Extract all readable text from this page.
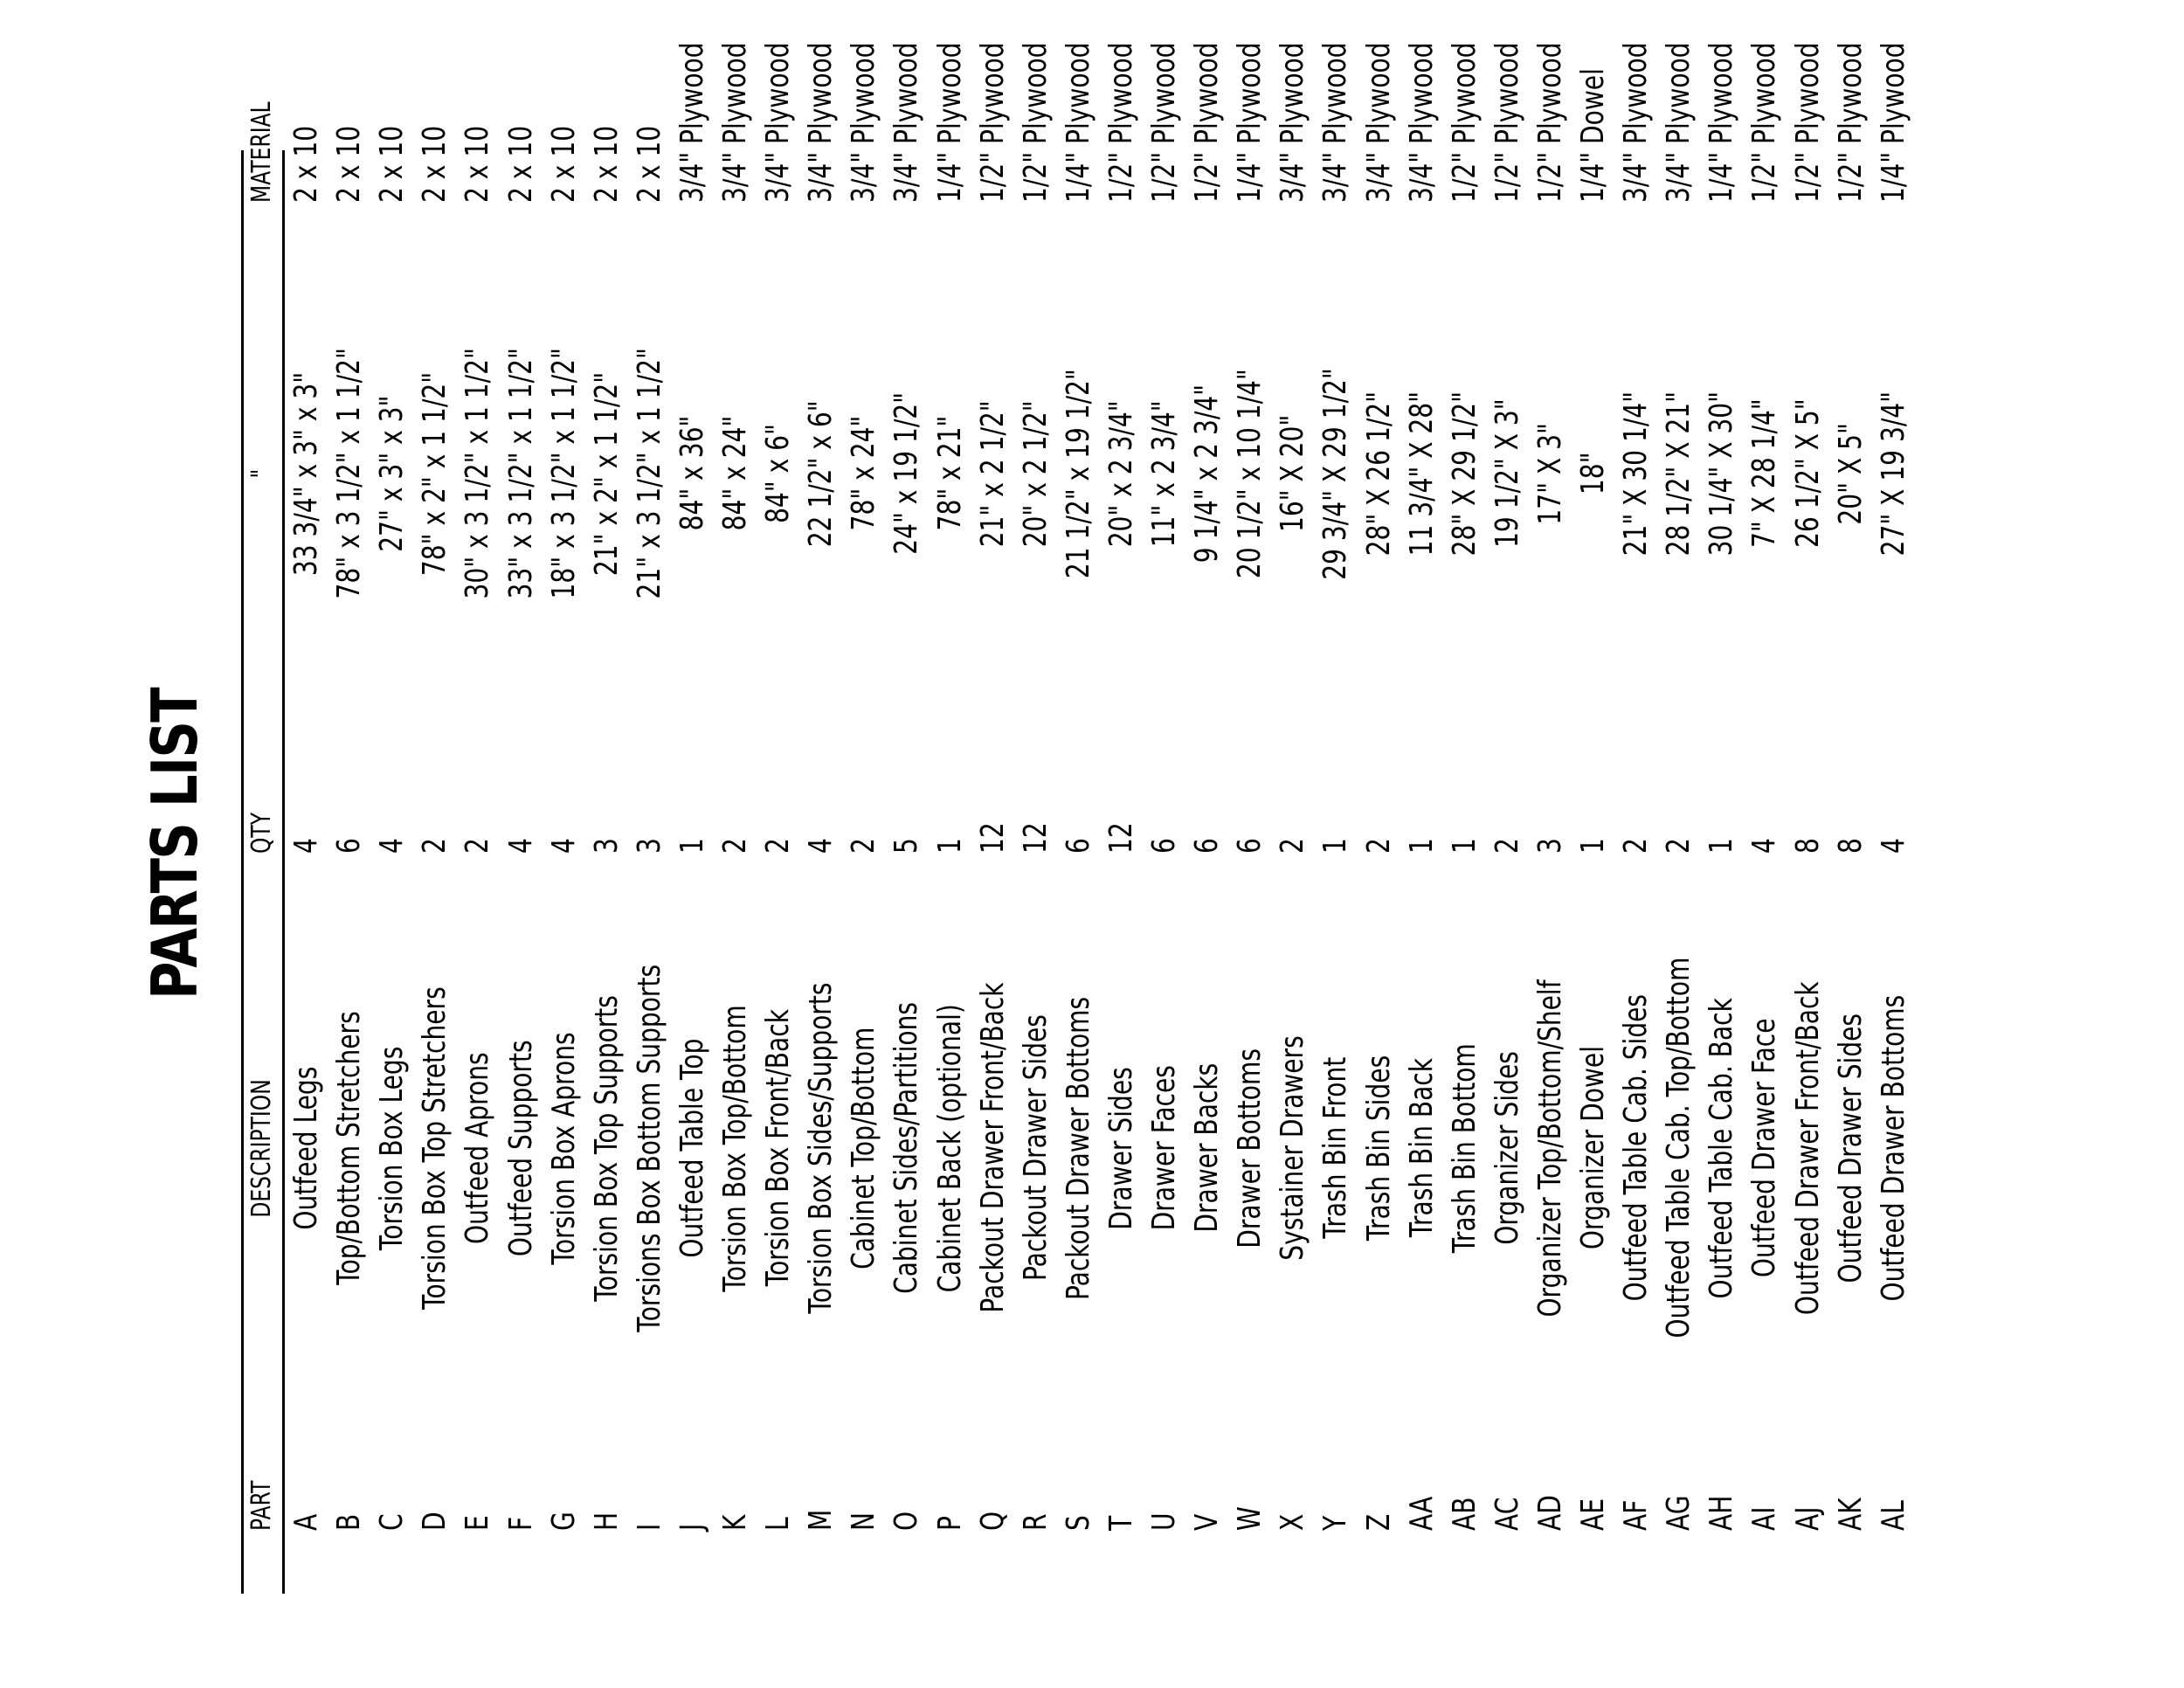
PARTS LIST
PART
DESCRIPTION
QTY
"
MATERIAL
A
Outfeed Legs
4
33 3/4" x 3" x 3"
2 x 10
B
Top/Bottom Stretchers
6
78" x 3 1/2" x 1 1/2"
2 x 10
C
Torsion Box Legs
4
27" x 3" x 3"
2 x 10
D
Torsion Box Top Stretchers
2
78" x 2" x 1 1/2"
2 x 10
E
Outfeed Aprons
2
30" x 3 1/2" x 1 1/2"
2 x 10
F
Outfeed Supports
4
33" x 3 1/2" x 1 1/2"
2 x 10
G
Torsion Box Aprons
4
18" x 3 1/2" x 1 1/2"
2 x 10
H
Torsion Box Top Supports
3
21" x 2" x 1 1/2"
2 x 10
I
Torsions Box Bottom Supports
3
21" x 3 1/2" x 1 1/2"
2 x 10
J
Outfeed Table Top
1
84" x 36"
3/4" Plywood
K
Torsion Box Top/Bottom
2
84" x 24"
3/4" Plywood
L
Torsion Box Front/Back
2
84" x 6"
3/4" Plywood
M
Torsion Box Sides/Supports
4
22 1/2" x 6"
3/4" Plywood
N
Cabinet Top/Bottom
2
78" x 24"
3/4" Plywood
O
Cabinet Sides/Partitions
5
24" x 19 1/2"
3/4" Plywood
P
Cabinet Back (optional)
1
78" x 21"
1/4" Plywood
Q
Packout Drawer Front/Back
12
21" x 2 1/2"
1/2" Plywood
R
Packout Drawer Sides
12
20" x 2 1/2"
1/2" Plywood
S
Packout Drawer Bottoms
6
21 1/2" x 19 1/2"
1/4" Plywood
T
Drawer Sides
12
20" x 2 3/4"
1/2" Plywood
U
Drawer Faces
6
11" x 2 3/4"
1/2" Plywood
V
Drawer Backs
6
9 1/4" x 2 3/4"
1/2" Plywood
W
Drawer Bottoms
6
20 1/2" x 10 1/4"
1/4" Plywood
X
Systainer Drawers
2
16" X 20"
3/4" Plywood
Y
Trash Bin Front
1
29 3/4" X 29 1/2"
3/4" Plywood
Z
Trash Bin Sides
2
28" X 26 1/2"
3/4" Plywood
AA
Trash Bin Back
1
11 3/4" X 28"
3/4" Plywood
AB
Trash Bin Bottom
1
28" X 29 1/2"
1/2" Plywood
AC
Organizer Sides
2
19 1/2" X 3"
1/2" Plywood
AD
Organizer Top/Bottom/Shelf
3
17" X 3"
1/2" Plywood
AE
Organizer Dowel
1
18"
1/4" Dowel
AF
Outfeed Table Cab. Sides
2
21" X 30 1/4"
3/4" Plywood
AG
Outfeed Table Cab. Top/Bottom
2
28 1/2" X 21"
3/4" Plywood
AH
Outfeed Table Cab. Back
1
30 1/4" X 30"
1/4" Plywood
AI
Outfeed Drawer Face
4
7" X 28 1/4"
1/2" Plywood
AJ
Outfeed Drawer Front/Back
8
26 1/2" X 5"
1/2" Plywood
AK
Outfeed Drawer Sides
8
20" X 5"
1/2" Plywood
AL
Outfeed Drawer Bottoms
4
27" X 19 3/4"
1/4" Plywood
